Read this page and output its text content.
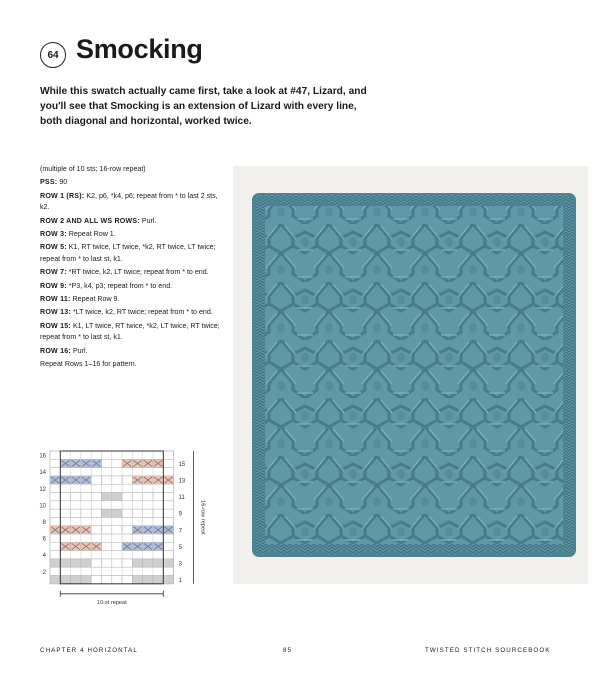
64 Smocking
While this swatch actually came first, take a look at #47, Lizard, and you'll see that Smocking is an extension of Lizard with every line, both diagonal and horizontal, worked twice.

(multiple of 10 sts; 16-row repeat)

PSS: 90

ROW 1 (RS): K2, p6, *k4, p6; repeat from * to last 2 sts, k2.

ROW 2 AND ALL WS ROWS: Purl.

ROW 3: Repeat Row 1.

ROW 5: K1, RT twice, LT twice, *k2, RT twice, LT twice; repeat from * to last st, k1.

ROW 7: *RT twice, k2, LT twice; repeat from * to end.

ROW 9: *P3, k4, p3; repeat from * to end.

ROW 11: Repeat Row 9.

ROW 13: *LT twice, k2, RT twice; repeat from * to end.

ROW 15: K1, LT twice, RT twice, *k2, LT twice, RT twice; repeat from * to last st, k1.

ROW 16: Purl.

Repeat Rows 1–16 for pattern.

16
14
12
10
8
6
4
2
15
13
11
9
7
5
3
1
16-row repeat
10-st repeat
CHAPTER 4 HORIZONTAL	85	TWISTED STITCH SOURCEBOOK
